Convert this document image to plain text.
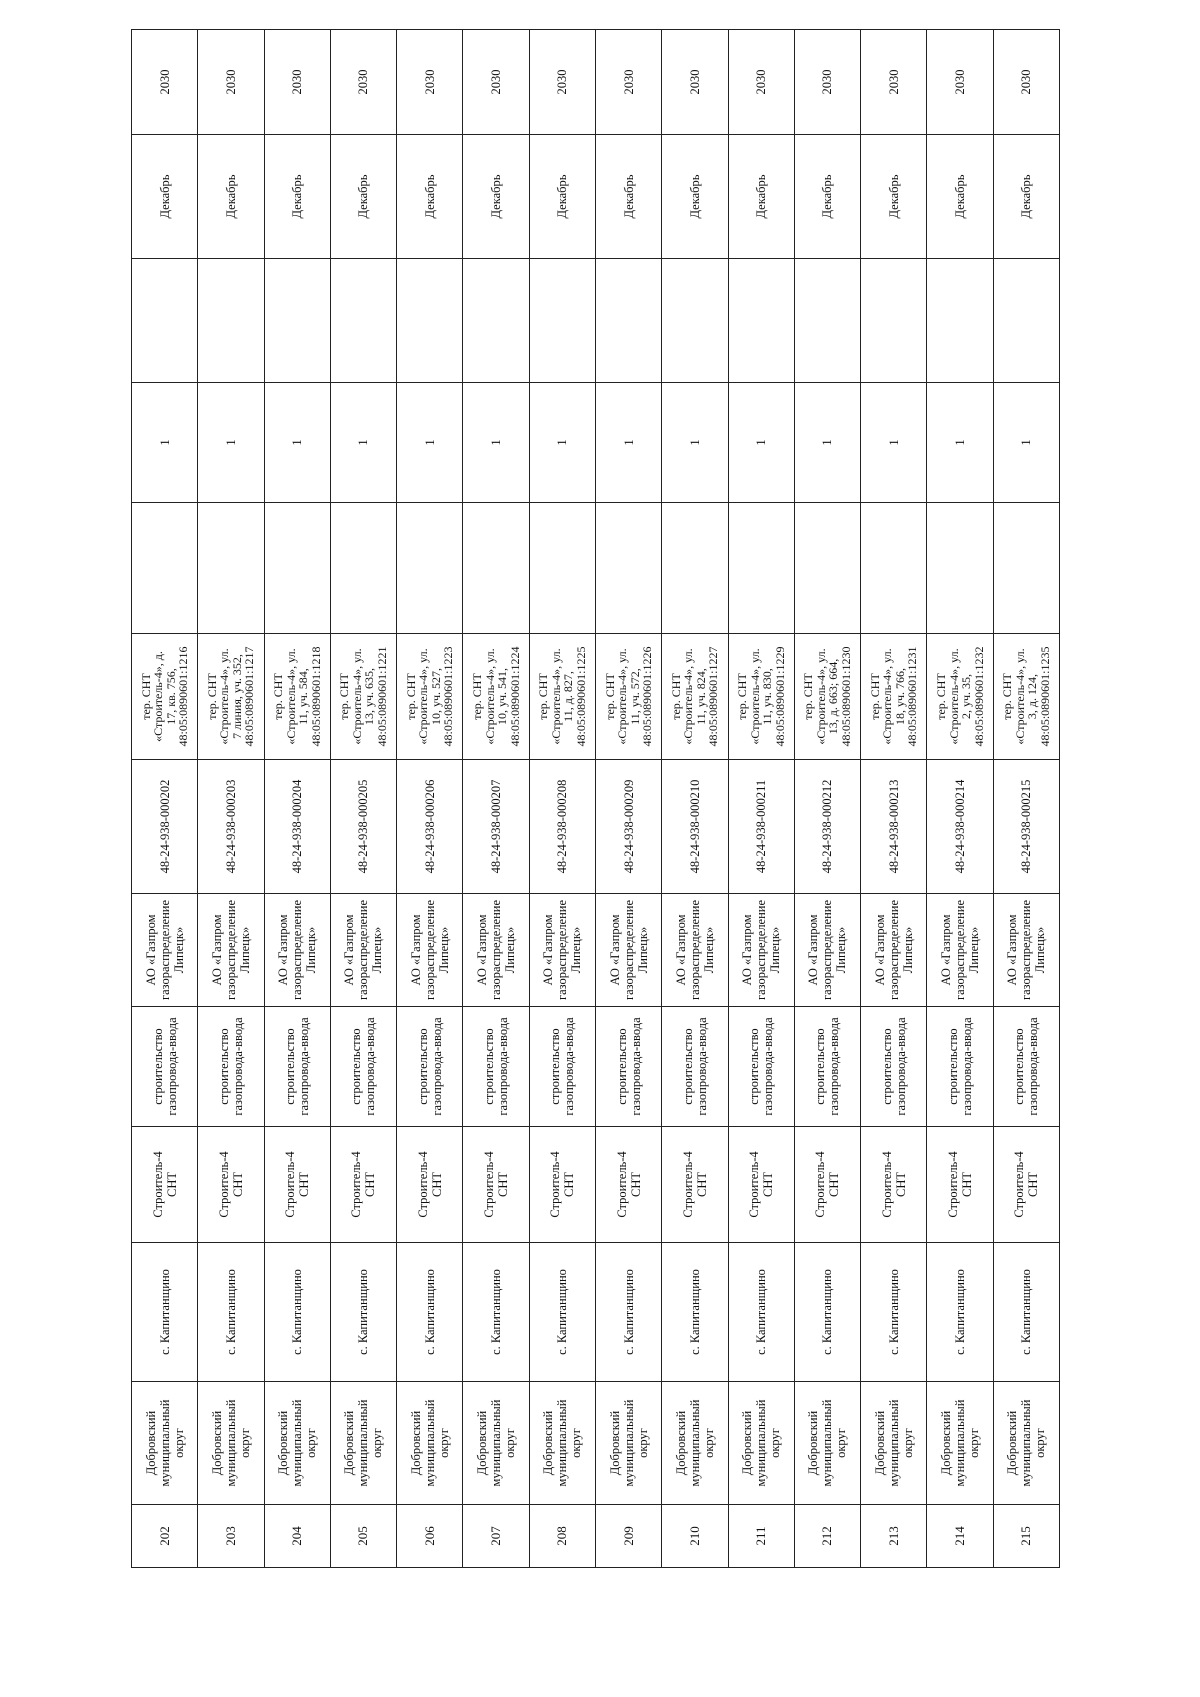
202	Добровский
муниципальный
округ	с. Капитанщино	Строитель-4
СНТ	строительство
газопровода-ввода	АО «Газпром
газораспределение
Липецк»	48-24-938-000202	тер. СНТ
«Строитель-4», д.
17, кв. 756,
48:05:0890601:1216		1		Декабрь	2030
203	Добровский
муниципальный
округ	с. Капитанщино	Строитель-4
СНТ	строительство
газопровода-ввода	АО «Газпром
газораспределение
Липецк»	48-24-938-000203	тер. СНТ
«Строитель-4», ул.
7 линия, уч. 352,
48:05:0890601:1217		1		Декабрь	2030
204	Добровский
муниципальный
округ	с. Капитанщино	Строитель-4
СНТ	строительство
газопровода-ввода	АО «Газпром
газораспределение
Липецк»	48-24-938-000204	тер. СНТ
«Строитель-4», ул.
11, уч. 584,
48:05:0890601:1218		1		Декабрь	2030
205	Добровский
муниципальный
округ	с. Капитанщино	Строитель-4
СНТ	строительство
газопровода-ввода	АО «Газпром
газораспределение
Липецк»	48-24-938-000205	тер. СНТ
«Строитель-4», ул.
13, уч. 635,
48:05:0890601:1221		1		Декабрь	2030
206	Добровский
муниципальный
округ	с. Капитанщино	Строитель-4
СНТ	строительство
газопровода-ввода	АО «Газпром
газораспределение
Липецк»	48-24-938-000206	тер. СНТ
«Строитель-4», ул.
10, уч. 527,
48:05:0890601:1223		1		Декабрь	2030
207	Добровский
муниципальный
округ	с. Капитанщино	Строитель-4
СНТ	строительство
газопровода-ввода	АО «Газпром
газораспределение
Липецк»	48-24-938-000207	тер. СНТ
«Строитель-4», ул.
10, уч. 541,
48:05:0890601:1224		1		Декабрь	2030
208	Добровский
муниципальный
округ	с. Капитанщино	Строитель-4
СНТ	строительство
газопровода-ввода	АО «Газпром
газораспределение
Липецк»	48-24-938-000208	тер. СНТ
«Строитель-4», ул.
11, д. 827,
48:05:0890601:1225		1		Декабрь	2030
209	Добровский
муниципальный
округ	с. Капитанщино	Строитель-4
СНТ	строительство
газопровода-ввода	АО «Газпром
газораспределение
Липецк»	48-24-938-000209	тер. СНТ
«Строитель-4», ул.
11, уч. 572,
48:05:0890601:1226		1		Декабрь	2030
210	Добровский
муниципальный
округ	с. Капитанщино	Строитель-4
СНТ	строительство
газопровода-ввода	АО «Газпром
газораспределение
Липецк»	48-24-938-000210	тер. СНТ
«Строитель-4», ул.
11, уч. 824,
48:05:0890601:1227		1		Декабрь	2030
211	Добровский
муниципальный
округ	с. Капитанщино	Строитель-4
СНТ	строительство
газопровода-ввода	АО «Газпром
газораспределение
Липецк»	48-24-938-000211	тер. СНТ
«Строитель-4», ул.
11, уч. 830,
48:05:0890601:1229		1		Декабрь	2030
212	Добровский
муниципальный
округ	с. Капитанщино	Строитель-4
СНТ	строительство
газопровода-ввода	АО «Газпром
газораспределение
Липецк»	48-24-938-000212	тер. СНТ
«Строитель-4», ул.
13, д. 663; 664,
48:05:0890601:1230		1		Декабрь	2030
213	Добровский
муниципальный
округ	с. Капитанщино	Строитель-4
СНТ	строительство
газопровода-ввода	АО «Газпром
газораспределение
Липецк»	48-24-938-000213	тер. СНТ
«Строитель-4», ул.
18, уч. 766,
48:05:0890601:1231		1		Декабрь	2030
214	Добровский
муниципальный
округ	с. Капитанщино	Строитель-4
СНТ	строительство
газопровода-ввода	АО «Газпром
газораспределение
Липецк»	48-24-938-000214	тер. СНТ
«Строитель-4», ул.
2, уч. 35,
48:05:0890601:1232		1		Декабрь	2030
215	Добровский
муниципальный
округ	с. Капитанщино	Строитель-4
СНТ	строительство
газопровода-ввода	АО «Газпром
газораспределение
Липецк»	48-24-938-000215	тер. СНТ
«Строитель-4», ул.
3, д. 124,
48:05:0890601:1235		1		Декабрь	2030
